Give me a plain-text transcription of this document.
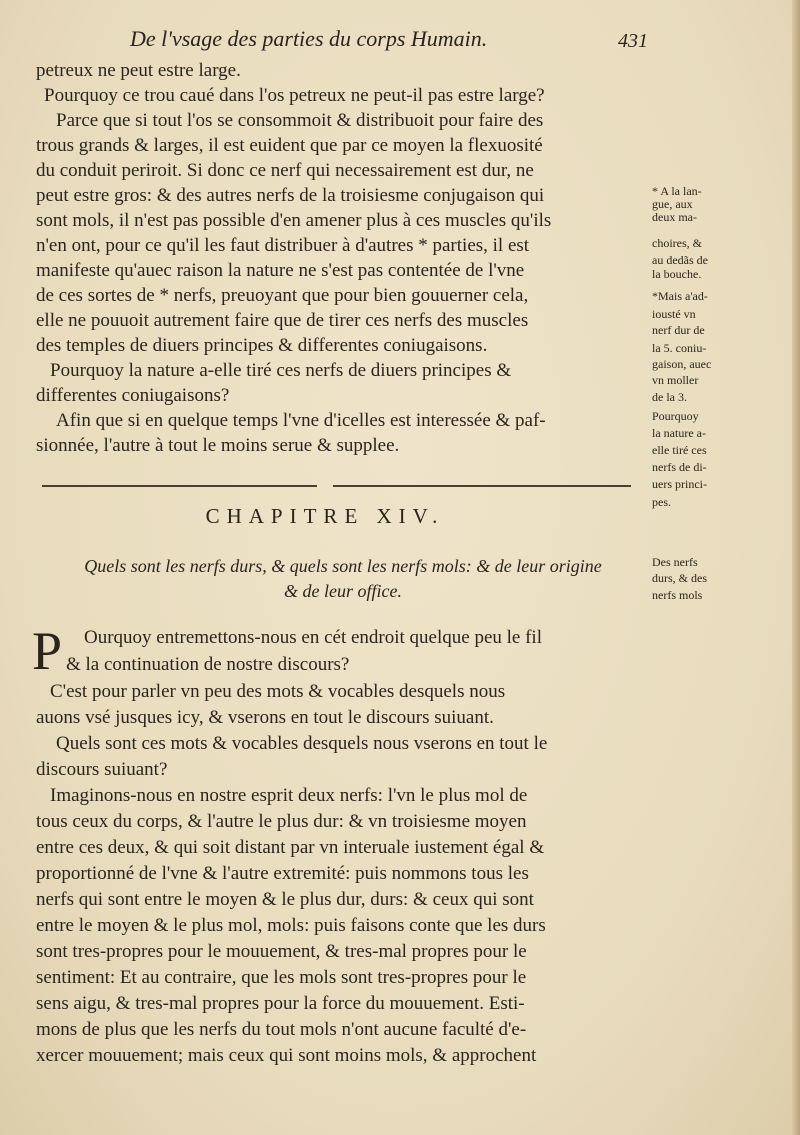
De l'vsage des parties du corps Humain.	431
petreux ne peut estre large.
Pourquoy ce trou caué dans l'os petreux ne peut-il pas estre large?
Parce que si tout l'os se consommoit & distribuoit pour faire des
trous grands & larges, il est euident que par ce moyen la flexuosité
du conduit periroit. Si donc ce nerf qui necessairement est dur, ne
peut estre gros: & des autres nerfs de la troisiesme conjugaison qui
sont mols, il n'est pas possible d'en amener plus à ces muscles qu'ils
n'en ont, pour ce qu'il les faut distribuer à d'autres * parties, il est
manifeste qu'auec raison la nature ne s'est pas contentée de l'vne
de ces sortes de * nerfs, preuoyant que pour bien gouuerner cela,
elle ne pouuoit autrement faire que de tirer ces nerfs des muscles
des temples de diuers principes & differentes coniugaisons.
Pourquoy la nature a-elle tiré ces nerfs de diuers principes &
differentes coniugaisons?
Afin que si en quelque temps l'vne d'icelles est interessée & paf-
sionnée, l'autre à tout le moins serue & supplee.
* A la lan-
gue, aux
deux ma-
choires, &
au dedãs de
la bouche.
*Mais a'ad-
iousté vn
nerf dur de
la 5. coniu-
gaison, auec
vn moller
de la 3.
Pourquoy
la nature a-
elle tiré ces
nerfs de di-
uers princi-
pes.
CHAPITRE XIV.
Quels sont les nerfs durs, & quels sont les nerfs mols: & de leur origine
& de leur office.
Des nerfs
durs, & des
nerfs mols
P Ourquoy entremettons-nous en cét endroit quelque peu le fil
& la continuation de nostre discours?
C'est pour parler vn peu des mots & vocables desquels nous
auons vsé jusques icy, & vserons en tout le discours suiuant.
Quels sont ces mots & vocables desquels nous vserons en tout le
discours suiuant?
Imaginons-nous en nostre esprit deux nerfs: l'vn le plus mol de
tous ceux du corps, & l'autre le plus dur: & vn troisiesme moyen
entre ces deux, & qui soit distant par vn interuale iustement égal &
proportionné de l'vne & l'autre extremité: puis nommons tous les
nerfs qui sont entre le moyen & le plus dur, durs: & ceux qui sont
entre le moyen & le plus mol, mols: puis faisons conte que les durs
sont tres-propres pour le mouuement, & tres-mal propres pour le
sentiment: Et au contraire, que les mols sont tres-propres pour le
sens aigu, & tres-mal propres pour la force du mouuement. Esti-
mons de plus que les nerfs du tout mols n'ont aucune faculté d'e-
xercer mouuement; mais ceux qui sont moins mols, & approchent
